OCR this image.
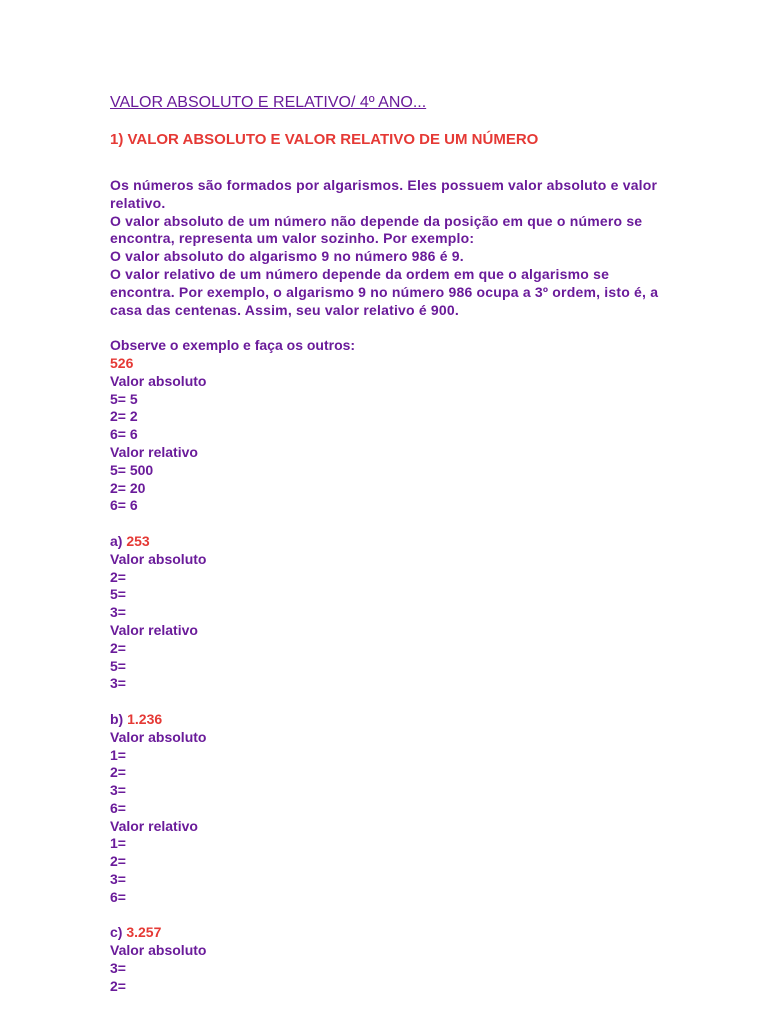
VALOR ABSOLUTO E RELATIVO/ 4º ANO...
1) VALOR ABSOLUTO E VALOR RELATIVO DE UM NÚMERO

Os números são formados por algarismos. Eles possuem valor absoluto e valor relativo.

O valor absoluto de um número não depende da posição em que o número se encontra, representa um valor sozinho. Por exemplo:

O valor absoluto do algarismo 9 no número 986 é 9.

O valor relativo de um número depende da ordem em que o algarismo se encontra. Por exemplo, o algarismo 9 no número 986 ocupa a 3º ordem, isto é, a casa das centenas. Assim, seu valor relativo é 900.

Observe o exemplo e faça os outros:
526
Valor absoluto
5= 5
2= 2
6= 6
Valor relativo
5= 500
2= 20
6= 6
a) 253
Valor absoluto
2=
5=
3=
Valor relativo
2=
5=
3=
b) 1.236
Valor absoluto
1=
2=
3=
6=
Valor relativo
1=
2=
3=
6=
c) 3.257
Valor absoluto
3=
2=
